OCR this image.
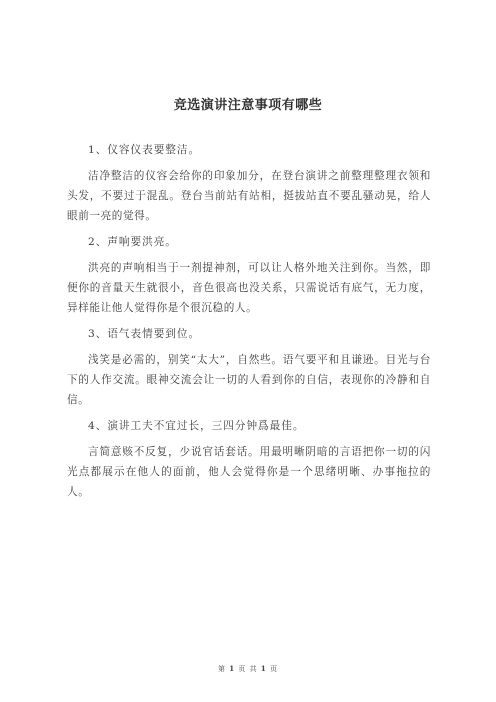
竞选演讲注意事项有哪些

1、仪容仪表要整洁。

洁净整洁的仪容会给你的印象加分，在登台演讲之前整理整理衣领和头发，不要过于混乱。登台当前站有站相，挺拔站直不要乱骚动晃，给人眼前一亮的觉得。

2、声响要洪亮。

洪亮的声响相当于一剂提神剂，可以让人格外地关注到你。当然，即便你的音量天生就很小，音色很高也没关系，只需说话有底气，无力度，异样能让他人觉得你是个很沉稳的人。

3、语气表情要到位。

浅笑是必需的，别笑“太大”，自然些。语气要平和且谦逊。目光与台下的人作交流。眼神交流会让一切的人看到你的自信，表现你的冷静和自信。

4、演讲工夫不宜过长，三四分钟爲最佳。

言简意赅不反复，少说官话套话。用最明晰阴暗的言语把你一切的闪光点都展示在他人的面前，他人会觉得你是一个思绪明晰、办事拖拉的人。

第 1 页 共 1 页
